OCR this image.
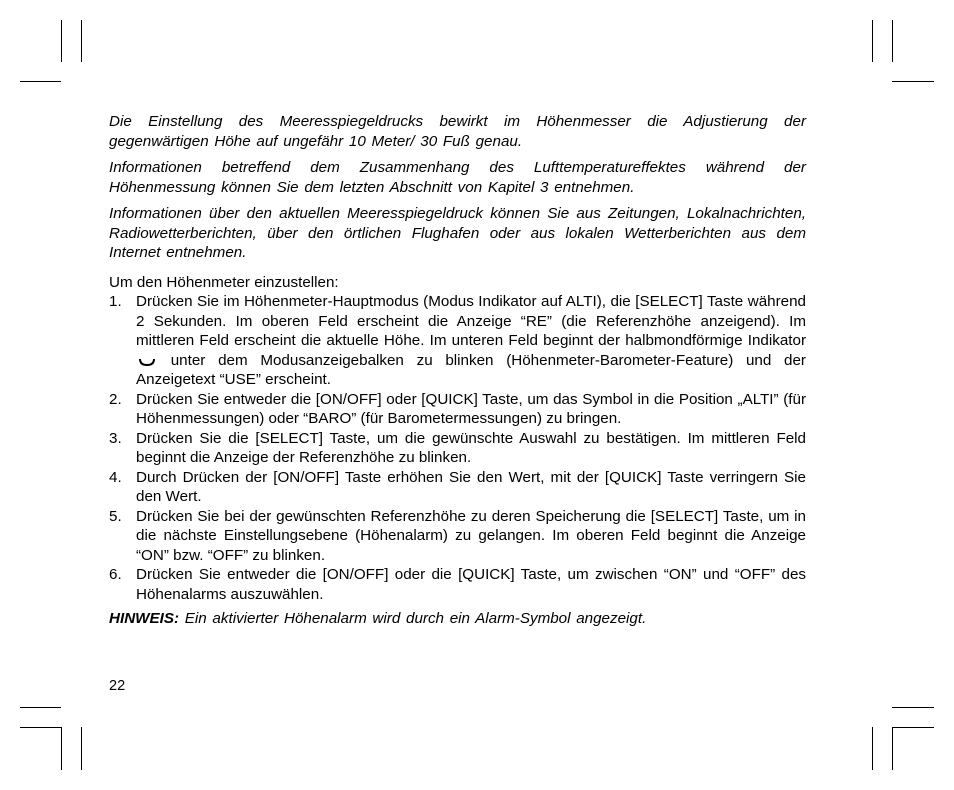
Die Einstellung des Meeresspiegeldrucks bewirkt im Höhenmesser die Adjustierung der gegenwärtigen Höhe auf ungefähr 10 Meter/ 30 Fuß genau.

Informationen betreffend dem Zusammenhang des Lufttemperatureffektes während der Höhenmessung können Sie dem letzten Abschnitt von Kapitel 3 entnehmen.

Informationen über den aktuellen Meeresspiegeldruck können Sie aus Zeitungen, Lokalnachrichten, Radiowetterberichten, über den örtlichen Flughafen oder aus lokalen Wetterberichten aus dem Internet entnehmen.

Um den Höhenmeter einzustellen:

1. Drücken Sie im Höhenmeter-Hauptmodus (Modus Indikator auf ALTI), die [SELECT] Taste während 2 Sekunden. Im oberen Feld erscheint die Anzeige “RE” (die Referenzhöhe anzeigend). Im mittleren Feld erscheint die aktuelle Höhe. Im unteren Feld beginnt der halbmondförmige Indikator  unter dem Modusanzeigebalken zu blinken (Höhenmeter-Barometer-Feature) und der Anzeigetext “USE” erscheint.
2. Drücken Sie entweder die [ON/OFF] oder [QUICK] Taste, um das Symbol in die Position „ALTI” (für Höhenmessungen) oder “BARO” (für Barometermessungen) zu bringen.
3. Drücken Sie die [SELECT] Taste, um die gewünschte Auswahl zu bestätigen. Im mittleren Feld beginnt die Anzeige der Referenzhöhe zu blinken.
4. Durch Drücken der [ON/OFF] Taste erhöhen Sie den Wert, mit der [QUICK] Taste verringern Sie den Wert.
5. Drücken Sie bei der gewünschten Referenzhöhe zu deren Speicherung die [SELECT] Taste, um in die nächste Einstellungsebene (Höhenalarm) zu gelangen. Im oberen Feld beginnt die Anzeige “ON” bzw. “OFF” zu blinken.
6. Drücken Sie entweder die [ON/OFF] oder die [QUICK] Taste, um zwischen “ON” und “OFF” des Höhenalarms auszuwählen.

HINWEIS: Ein aktivierter Höhenalarm wird durch ein Alarm-Symbol angezeigt.

22
